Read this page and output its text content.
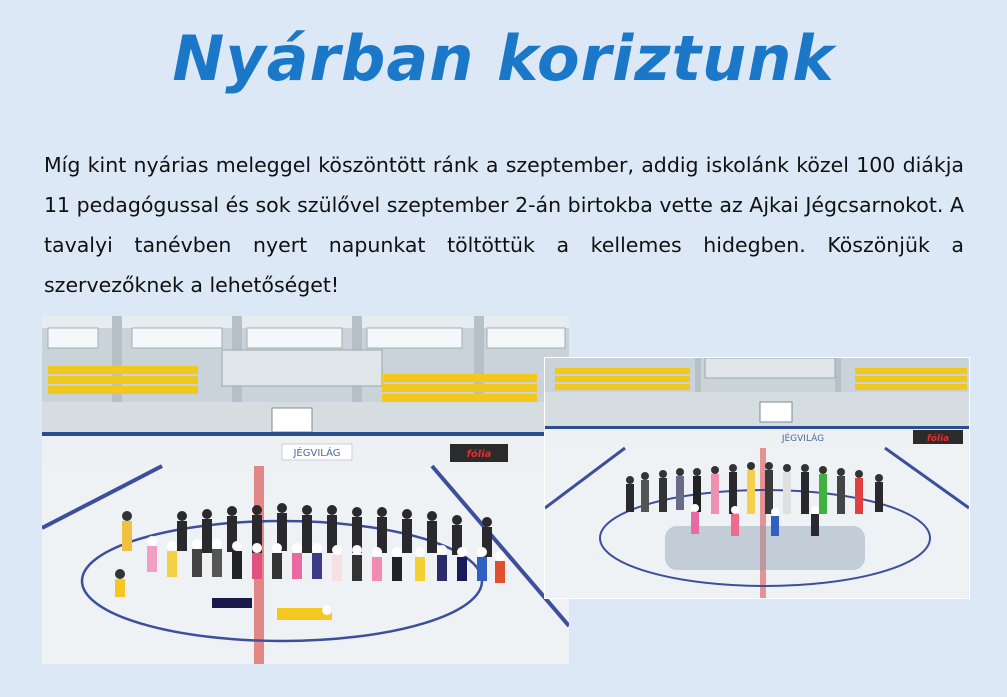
Nyárban koriztunk

Míg kint nyárias meleggel köszöntött ránk a szeptember, addig iskolánk közel 100 diákja 11 pedagógussal és sok szülővel szeptember 2-án birtokba vette az Ajkai Jégcsarnokot. A tavalyi tanévben nyert napunkat töltöttük a kellemes hidegben. Köszönjük a szervezőknek a lehetőséget!

JÉGVILÁG	fólia
JÉGVILÁG	fólia
